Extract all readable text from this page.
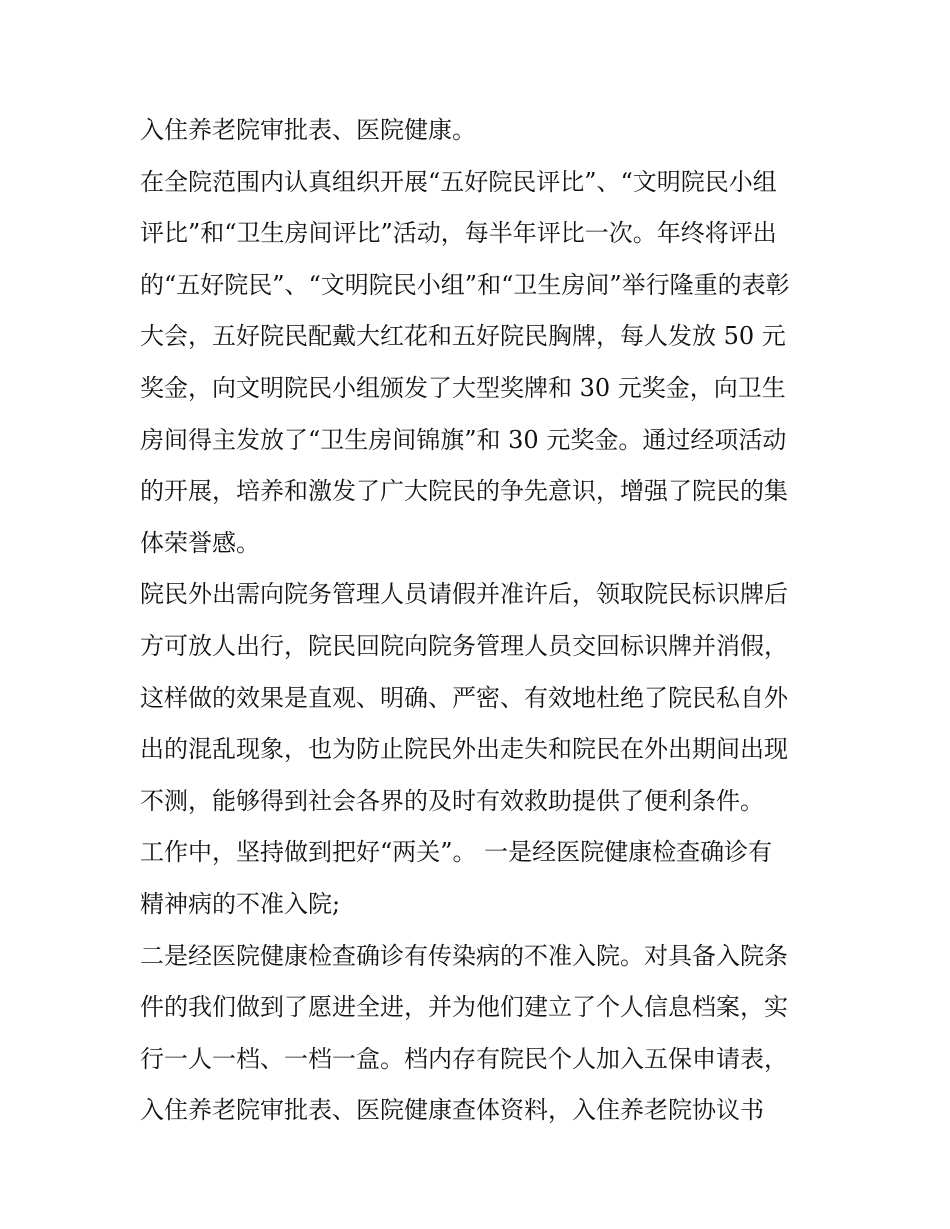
入住养老院审批表、医院健康。
在全院范围内认真组织开展“五好院民评比”、“文明院民小组
评比”和“卫生房间评比”活动，每半年评比一次。年终将评出
的“五好院民”、“文明院民小组”和“卫生房间”举行隆重的表彰
大会，五好院民配戴大红花和五好院民胸牌，每人发放 50 元
奖金，向文明院民小组颁发了大型奖牌和 30 元奖金，向卫生
房间得主发放了“卫生房间锦旗”和 30 元奖金。通过经项活动
的开展，培养和激发了广大院民的争先意识，增强了院民的集
体荣誉感。
院民外出需向院务管理人员请假并准许后，领取院民标识牌后
方可放人出行，院民回院向院务管理人员交回标识牌并消假，
这样做的效果是直观、明确、严密、有效地杜绝了院民私自外
出的混乱现象，也为防止院民外出走失和院民在外出期间出现
不测，能够得到社会各界的及时有效救助提供了便利条件。
工作中，坚持做到把好“两关”。 一是经医院健康检查确诊有
精神病的不准入院;
二是经医院健康检查确诊有传染病的不准入院。对具备入院条
件的我们做到了愿进全进，并为他们建立了个人信息档案，实
行一人一档、一档一盒。档内存有院民个人加入五保申请表，
入住养老院审批表、医院健康查体资料，入住养老院协议书
